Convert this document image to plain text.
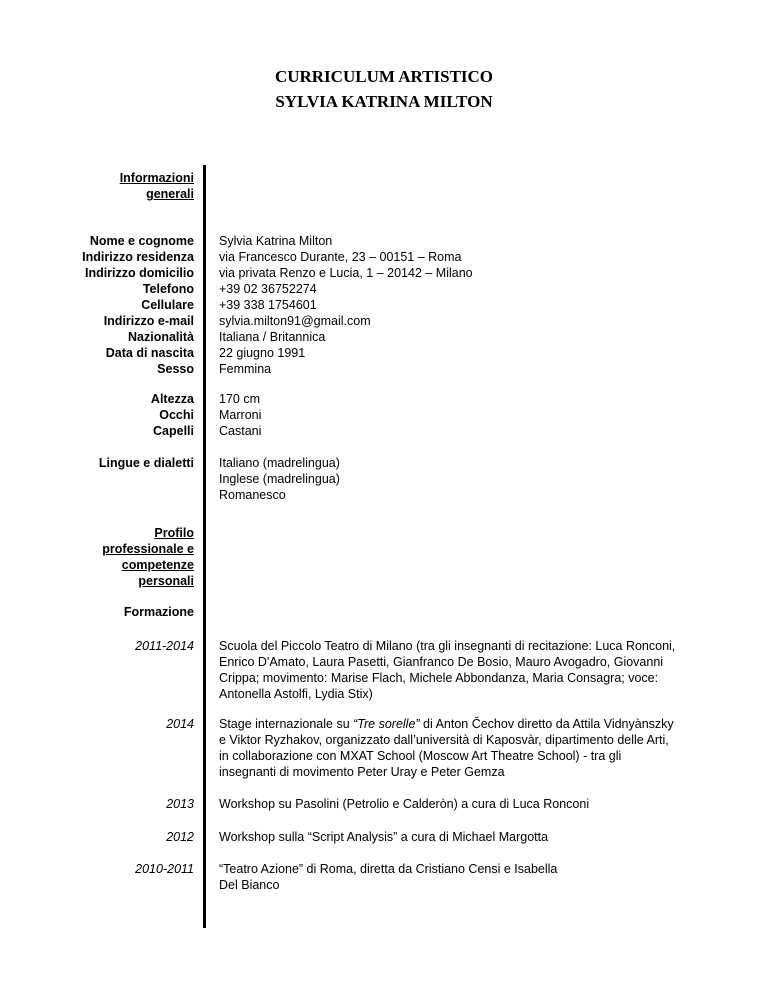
CURRICULUM ARTISTICO
SYLVIA KATRINA MILTON
Informazioni
generali
Nome e cognome
Indirizzo residenza
Indirizzo domicilio
Telefono
Cellulare
Indirizzo e-mail
Nazionalità
Data di nascita
Sesso
Sylvia Katrina Milton
via Francesco Durante, 23 – 00151 – Roma
via privata Renzo e Lucia, 1 – 20142 – Milano
+39 02 36752274
+39 338 1754601
sylvia.milton91@gmail.com
Italiana / Britannica
22 giugno 1991
Femmina
Altezza
Occhi
Capelli
170 cm
Marroni
Castani
Lingue e dialetti Italiano (madrelingua)
Inglese (madrelingua)
Romanesco
Profilo
professionale e
competenze
personali
Formazione
2011-2014 Scuola del Piccolo Teatro di Milano (tra gli insegnanti di recitazione: Luca Ronconi,
Enrico D'Amato, Laura Pasetti, Gianfranco De Bosio, Mauro Avogadro, Giovanni
Crippa; movimento: Marise Flach, Michele Abbondanza, Maria Consagra; voce:
Antonella Astolfi, Lydia Stix)
2014 Stage internazionale su “Tre sorelle” di Anton Čechov diretto da Attila Vidnyànszky
e Viktor Ryzhakov, organizzato dall’università di Kaposvàr, dipartimento delle Arti,
in collaborazione con MXAT School (Moscow Art Theatre School) - tra gli
insegnanti di movimento Peter Uray e Peter Gemza
2013 Workshop su Pasolini (Petrolio e Calderòn) a cura di Luca Ronconi
2012 Workshop sulla “Script Analysis” a cura di Michael Margotta
2010-2011 “Teatro Azione” di Roma, diretta da Cristiano Censi e Isabella
Del Bianco
